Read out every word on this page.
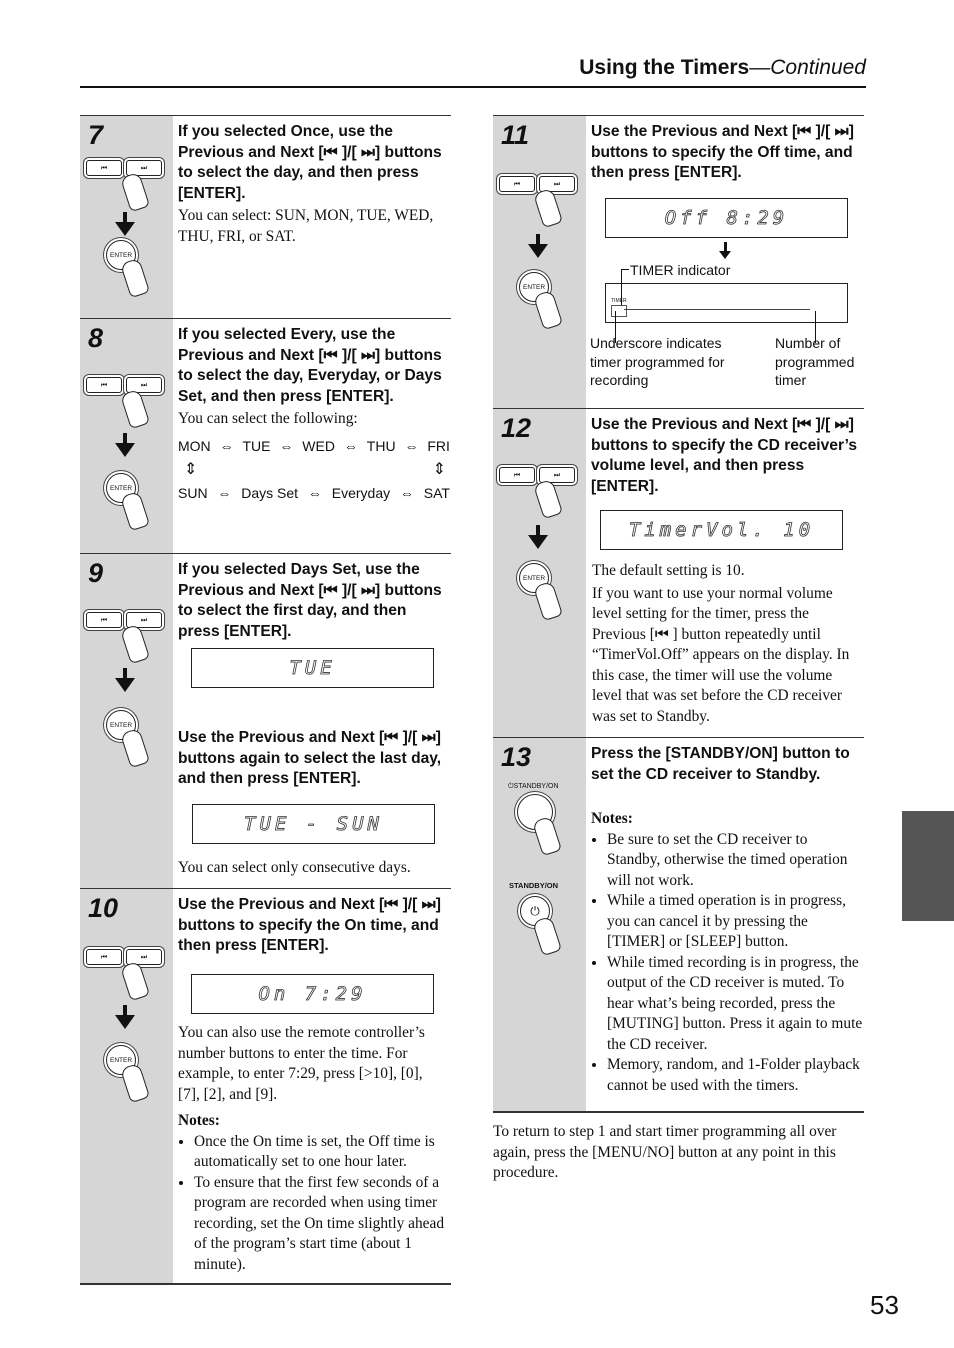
Using the Timers—Continued
53
7
⏮	⏭
ENTER

If you selected Once, use the Previous and Next [⏮ ]/[ ⏭] buttons to select the day, and then press [ENTER].

You can select: SUN, MON, TUE, WED, THU, FRI, or SAT.

8
⏮	⏭
ENTER

If you selected Every, use the Previous and Next [⏮ ]/[ ⏭] buttons to select the day, Everyday, or Days Set, and then press [ENTER].

You can select the following:

MON ⇔ TUE ⇔ WED ⇔ THU ⇔ FRI
⇕	⇕
SUN ⇔ Days Set ⇔ Everyday ⇔ SAT
9
⏮	⏭
ENTER

If you selected Days Set, use the Previous and Next [⏮ ]/[ ⏭] buttons to select the first day, and then press [ENTER].

TUE

Use the Previous and Next [⏮ ]/[ ⏭] buttons again to select the last day, and then press [ENTER].

TUE - SUN

You can select only consecutive days.

10
⏮	⏭
ENTER

Use the Previous and Next [⏮ ]/[ ⏭] buttons to specify the On time, and then press [ENTER].

On 7:29

You can also use the remote controller’s number buttons to enter the time. For example, to enter 7:29, press [>10], [0], [7], [2], and [9].

Notes:

• Once the On time is set, the Off time is automatically set to one hour later.
• To ensure that the first few seconds of a program are recorded when using timer recording, set the On time slightly ahead of the program’s start time (about 1 minute).
11
⏮	⏭
ENTER

Use the Previous and Next [⏮ ]/[ ⏭] buttons to specify the Off time, and then press [ENTER].

Off 8:29
TIMER indicator
TIMER
Underscore indicates timer programmed for recording
Number of programmed timer
12
⏮	⏭
ENTER

Use the Previous and Next [⏮ ]/[ ⏭] buttons to specify the CD receiver’s volume level, and then press [ENTER].

TimerVol. 10

The default setting is 10.

If you want to use your normal volume level setting for the timer, press the Previous [⏮ ] button repeatedly until “TimerVol.Off” appears on the display. In this case, the timer will use the volume level that was set before the CD receiver was set to Standby.

13
⏻STANDBY/ON
STANDBY/ON
⏻

Press the [STANDBY/ON] button to set the CD receiver to Standby.

Notes:

• Be sure to set the CD receiver to Standby, otherwise the timed operation will not work.
• While a timed operation is in progress, you can cancel it by pressing the [TIMER] or [SLEEP] button.
• While timed recording is in progress, the output of the CD receiver is muted. To hear what’s being recorded, press the [MUTING] button. Press it again to mute the CD receiver.
• Memory, random, and 1-Folder playback cannot be used with the timers.

To return to step 1 and start timer programming all over again, press the [MENU/NO] button at any point in this procedure.
